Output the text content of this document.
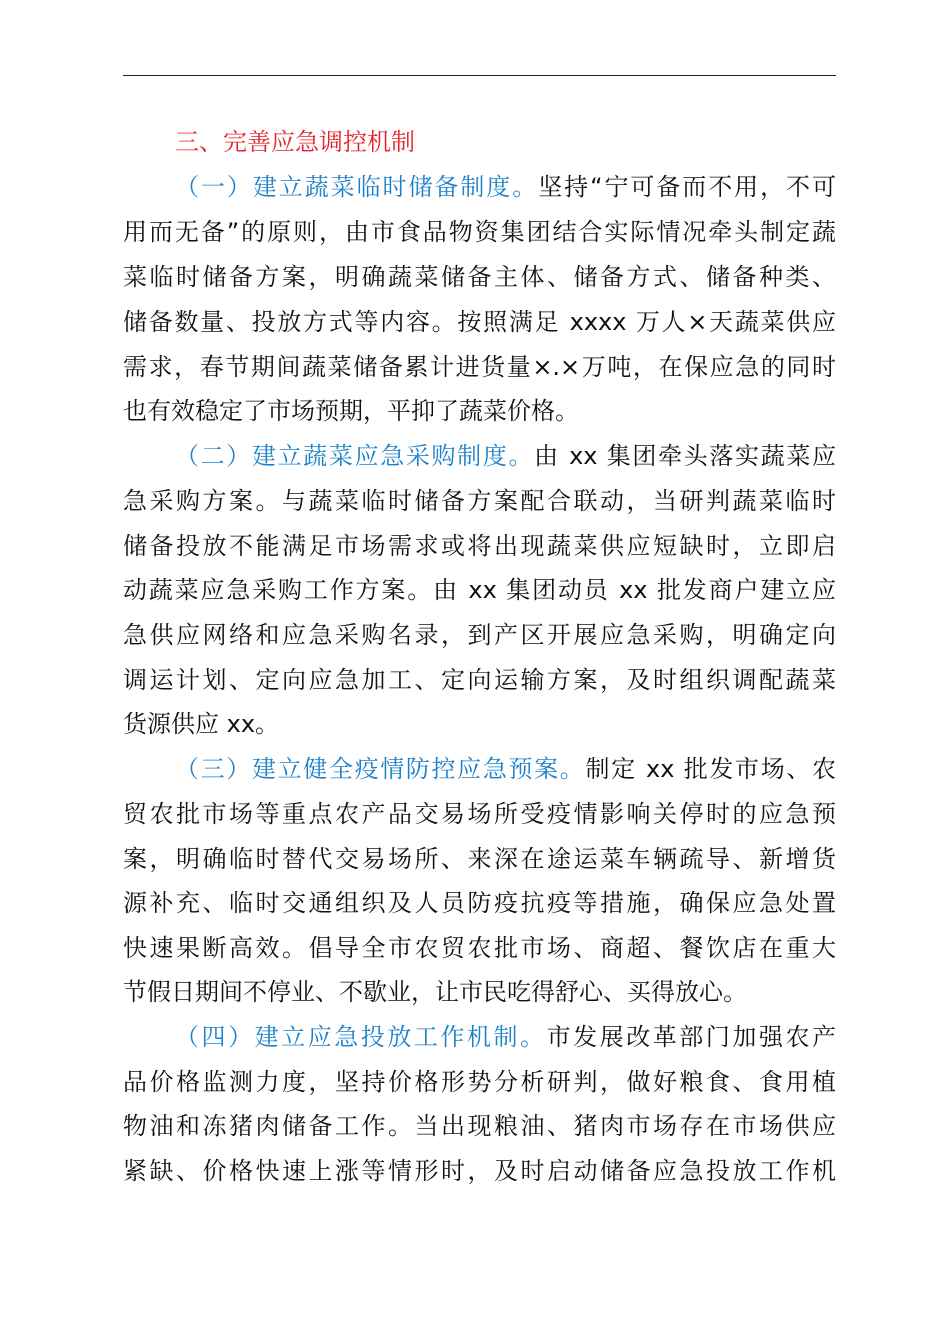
三、完善应急调控机制
（一）建立蔬菜临时储备制度。坚持“宁可备而不用，不可
用而无备”的原则，由市食品物资集团结合实际情况牵头制定蔬
菜临时储备方案，明确蔬菜储备主体、储备方式、储备种类、
储备数量、投放方式等内容。按照满足 xxxx 万人×天蔬菜供应
需求，春节期间蔬菜储备累计进货量×.×万吨，在保应急的同时
也有效稳定了市场预期，平抑了蔬菜价格。
（二）建立蔬菜应急采购制度。由 xx 集团牵头落实蔬菜应
急采购方案。与蔬菜临时储备方案配合联动，当研判蔬菜临时
储备投放不能满足市场需求或将出现蔬菜供应短缺时，立即启
动蔬菜应急采购工作方案。由 xx 集团动员 xx 批发商户建立应
急供应网络和应急采购名录，到产区开展应急采购，明确定向
调运计划、定向应急加工、定向运输方案，及时组织调配蔬菜
货源供应 xx。
（三）建立健全疫情防控应急预案。制定 xx 批发市场、农
贸农批市场等重点农产品交易场所受疫情影响关停时的应急预
案，明确临时替代交易场所、来深在途运菜车辆疏导、新增货
源补充、临时交通组织及人员防疫抗疫等措施，确保应急处置
快速果断高效。倡导全市农贸农批市场、商超、餐饮店在重大
节假日期间不停业、不歇业，让市民吃得舒心、买得放心。
（四）建立应急投放工作机制。市发展改革部门加强农产
品价格监测力度，坚持价格形势分析研判，做好粮食、食用植
物油和冻猪肉储备工作。当出现粮油、猪肉市场存在市场供应
紧缺、价格快速上涨等情形时，及时启动储备应急投放工作机
